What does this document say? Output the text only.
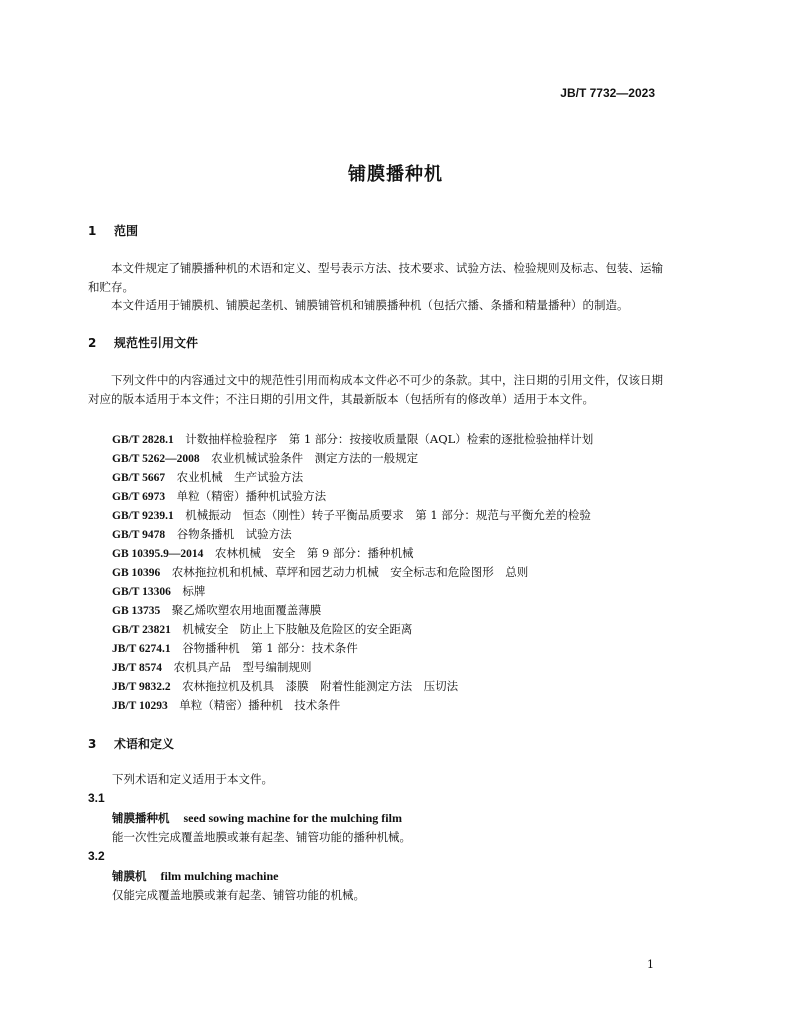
JB/T 7732—2023
铺膜播种机
1 范围
本文件规定了铺膜播种机的术语和定义、型号表示方法、技术要求、试验方法、检验规则及标志、包装、运输和贮存。
本文件适用于铺膜机、铺膜起垄机、铺膜铺管机和铺膜播种机（包括穴播、条播和精量播种）的制造。
2 规范性引用文件
下列文件中的内容通过文中的规范性引用而构成本文件必不可少的条款。其中，注日期的引用文件，仅该日期对应的版本适用于本文件；不注日期的引用文件，其最新版本（包括所有的修改单）适用于本文件。
GB/T 2828.1　 计数抽样检验程序　第 1 部分：按接收质量限（AQL）检索的逐批检验抽样计划
GB/T 5262—2008　 农业机械试验条件　测定方法的一般规定
GB/T 5667　 农业机械　生产试验方法
GB/T 6973　 单粒（精密）播种机试验方法
GB/T 9239.1　 机械振动　恒态（刚性）转子平衡品质要求　第 1 部分：规范与平衡允差的检验
GB/T 9478　 谷物条播机　试验方法
GB 10395.9—2014　 农林机械　安全　第 9 部分：播种机械
GB 10396　 农林拖拉机和机械、草坪和园艺动力机械　安全标志和危险图形　总则
GB/T 13306　 标牌
GB 13735　 聚乙烯吹塑农用地面覆盖薄膜
GB/T 23821　 机械安全　防止上下肢触及危险区的安全距离
JB/T 6274.1　 谷物播种机　第 1 部分：技术条件
JB/T 8574　 农机具产品　型号编制规则
JB/T 9832.2　 农林拖拉机及机具　漆膜　附着性能测定方法　压切法
JB/T 10293　 单粒（精密）播种机　技术条件
3 术语和定义
下列术语和定义适用于本文件。
3.1
铺膜播种机 seed sowing machine for the mulching film
能一次性完成覆盖地膜或兼有起垄、铺管功能的播种机械。
3.2
铺膜机 film mulching machine
仅能完成覆盖地膜或兼有起垄、铺管功能的机械。
1
